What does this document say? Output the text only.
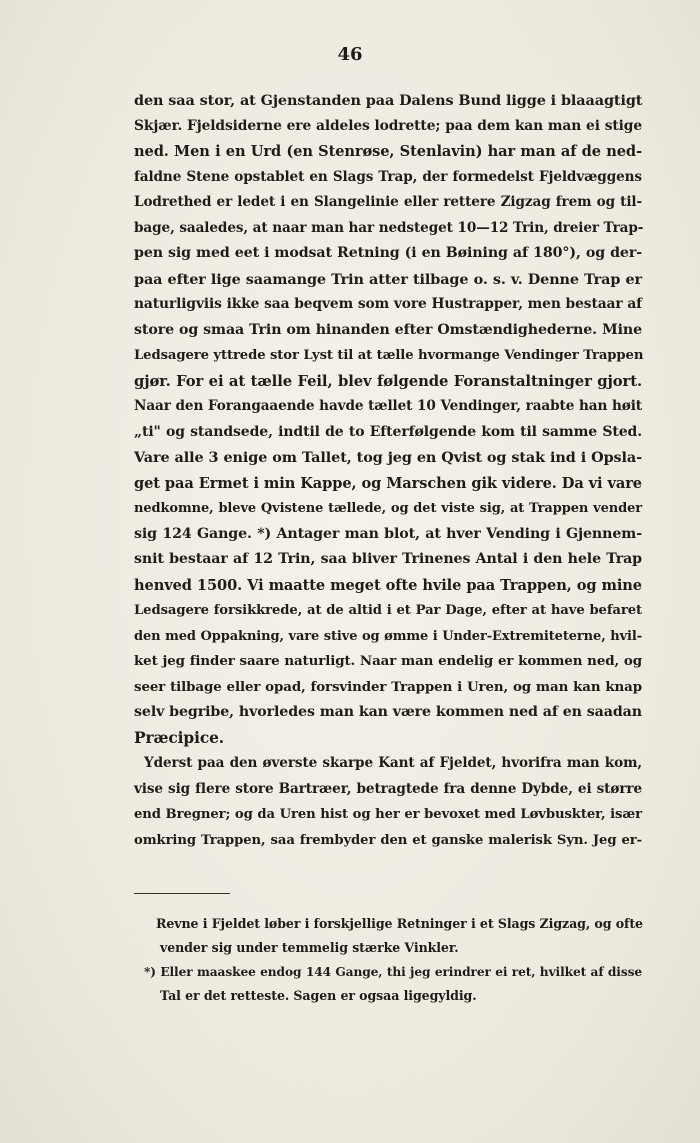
46
den saa stor, at Gjenstanden paa Dalens Bund ligge i blaaagtigt
Skjær. Fjeldsiderne ere aldeles lodrette; paa dem kan man ei stige
ned. Men i en Urd (en Stenrøse, Stenlavin) har man af de ned-
faldne Stene opstablet en Slags Trap, der formedelst Fjeldvæggens
Lodrethed er ledet i en Slangelinie eller rettere Zigzag frem og til-
bage, saaledes, at naar man har nedsteget 10—12 Trin, dreier Trap-
pen sig med eet i modsat Retning (i en Bøining af 180°), og der-
paa efter lige saamange Trin atter tilbage o. s. v. Denne Trap er
naturligviis ikke saa beqvem som vore Hustrapper, men bestaar af
store og smaa Trin om hinanden efter Omstændighederne. Mine
Ledsagere yttrede stor Lyst til at tælle hvormange Vendinger Trappen
gjør. For ei at tælle Feil, blev følgende Foranstaltninger gjort.
Naar den Forangaaende havde tællet 10 Vendinger, raabte han høit
„ti" og standsede, indtil de to Efterfølgende kom til samme Sted.
Vare alle 3 enige om Tallet, tog jeg en Qvist og stak ind i Opsla-
get paa Ermet i min Kappe, og Marschen gik videre. Da vi vare
nedkomne, bleve Qvistene tællede, og det viste sig, at Trappen vender
sig 124 Gange. *) Antager man blot, at hver Vending i Gjennem-
snit bestaar af 12 Trin, saa bliver Trinenes Antal i den hele Trap
henved 1500. Vi maatte meget ofte hvile paa Trappen, og mine
Ledsagere forsikkrede, at de altid i et Par Dage, efter at have befaret
den med Oppakning, vare stive og ømme i Under-Extremiteterne, hvil-
ket jeg finder saare naturligt. Naar man endelig er kommen ned, og
seer tilbage eller opad, forsvinder Trappen i Uren, og man kan knap
selv begribe, hvorledes man kan være kommen ned af en saadan
Præcipice.
Yderst paa den øverste skarpe Kant af Fjeldet, hvorifra man kom,
vise sig flere store Bartræer, betragtede fra denne Dybde, ei større
end Bregner; og da Uren hist og her er bevoxet med Løvbuskter, især
omkring Trappen, saa frembyder den et ganske malerisk Syn. Jeg er-
Revne i Fjeldet løber i forskjellige Retninger i et Slags Zigzag, og ofte
vender sig under temmelig stærke Vinkler.
*) Eller maaskee endog 144 Gange, thi jeg erindrer ei ret, hvilket af disse
Tal er det retteste. Sagen er ogsaa ligegyldig.
